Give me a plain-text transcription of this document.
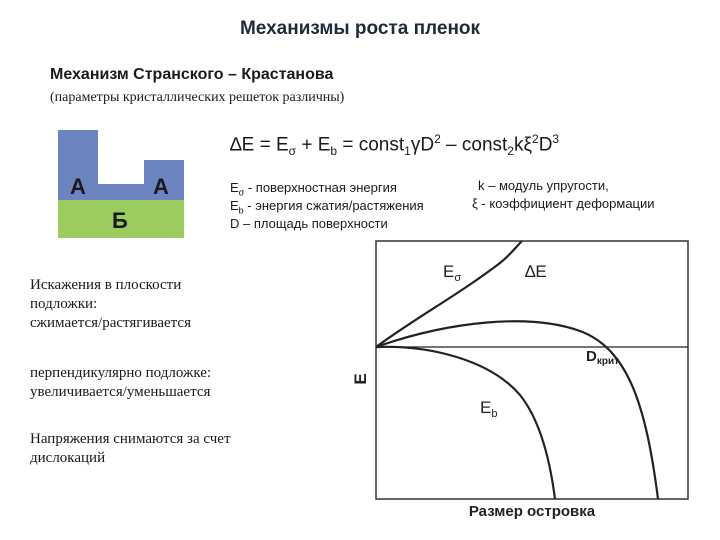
Механизмы роста пленок
Механизм Странского – Крастанова
(параметры кристаллических решеток различны)
А	А
Б
$\Delta E = E_\sigma + E_b$ = $const_1\gamma D^2$ – $const_2k\xi^2D^3$
$E_\sigma$ - поверхностная энергия
$E_b$ - энергия сжатия/растяжения
D – площадь поверхности
k – модуль упругости,
ξ - коэффициент деформации
Искажения в плоскости
подложки:
сжимается/растягивается
перпендикулярно подложке:
увеличивается/уменьшается
Напряжения снимаются за счет
дислокаций
E
Размер островка
$E_\sigma$	∆E
$E_b$
$D_{крит}$
